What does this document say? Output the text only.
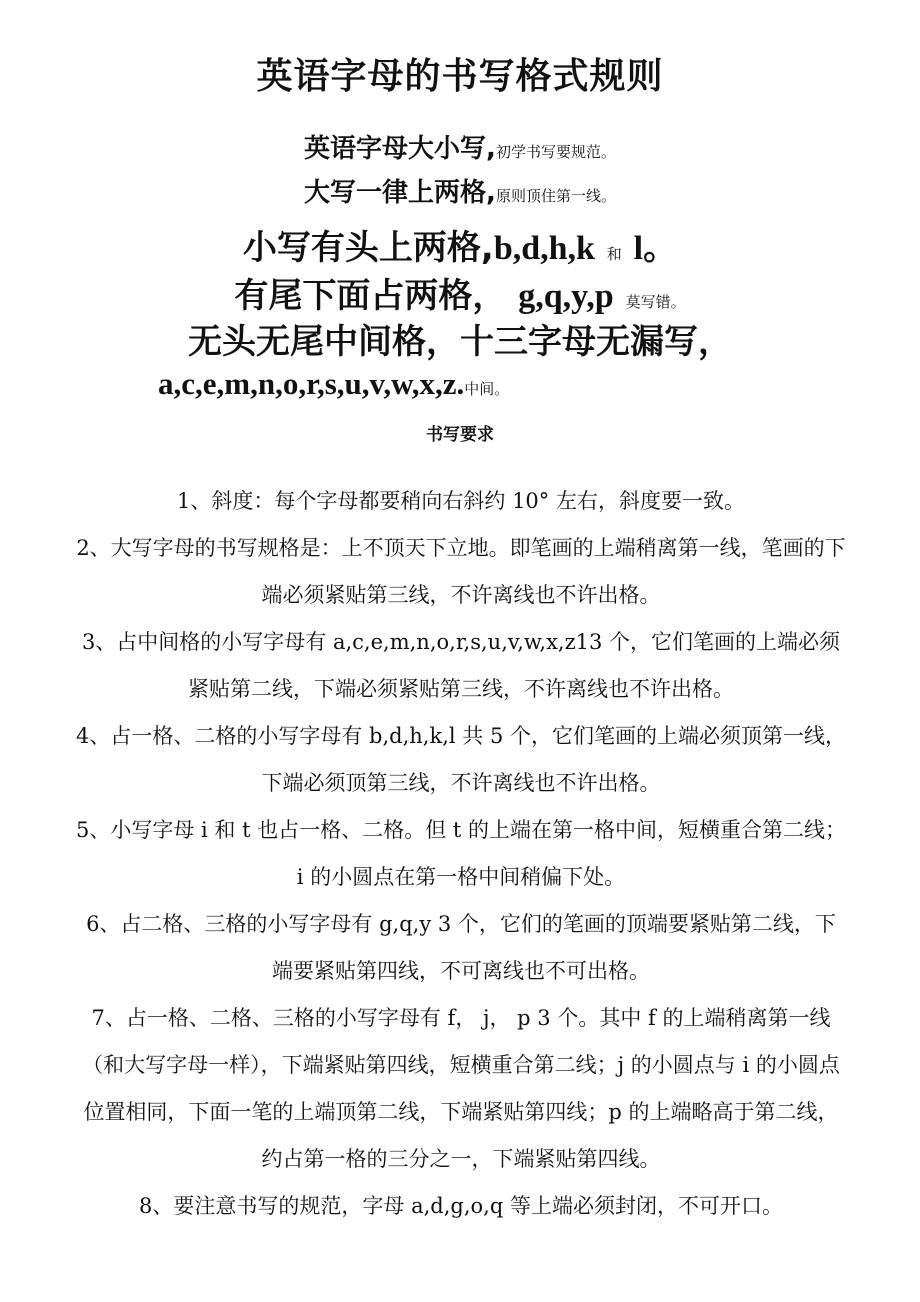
英语字母的书写格式规则
英语字母大小写,初学书写要规范。
大写一律上两格,原则顶住第一线。
小写有头上两格,b,d,h,k 和 l。
有尾下面占两格， g,q,y,p 莫写错。
无头无尾中间格，十三字母无漏写，
a,c,e,m,n,o,r,s,u,v,w,x,z.中间。
书写要求

1、斜度：每个字母都要稍向右斜约 10° 左右，斜度要一致。

2、大写字母的书写规格是：上不顶天下立地。即笔画的上端稍离第一线，笔画的下端必须紧贴第三线，不许离线也不许出格。

3、占中间格的小写字母有 a,c,e,m,n,o,r,s,u,v,w,x,z13 个，它们笔画的上端必须紧贴第二线，下端必须紧贴第三线，不许离线也不许出格。

4、占一格、二格的小写字母有 b,d,h,k,l 共 5 个，它们笔画的上端必须顶第一线，下端必须顶第三线，不许离线也不许出格。

5、小写字母 i 和 t 也占一格、二格。但 t 的上端在第一格中间，短横重合第二线；i 的小圆点在第一格中间稍偏下处。

6、占二格、三格的小写字母有 g,q,y 3 个，它们的笔画的顶端要紧贴第二线，下端要紧贴第四线，不可离线也不可出格。

7、占一格、二格、三格的小写字母有 f， j， p 3 个。其中 f 的上端稍离第一线（和大写字母一样），下端紧贴第四线，短横重合第二线；j 的小圆点与 i 的小圆点位置相同，下面一笔的上端顶第二线，下端紧贴第四线；p 的上端略高于第二线，约占第一格的三分之一，下端紧贴第四线。

8、要注意书写的规范，字母 a,d,g,o,q 等上端必须封闭，不可开口。
